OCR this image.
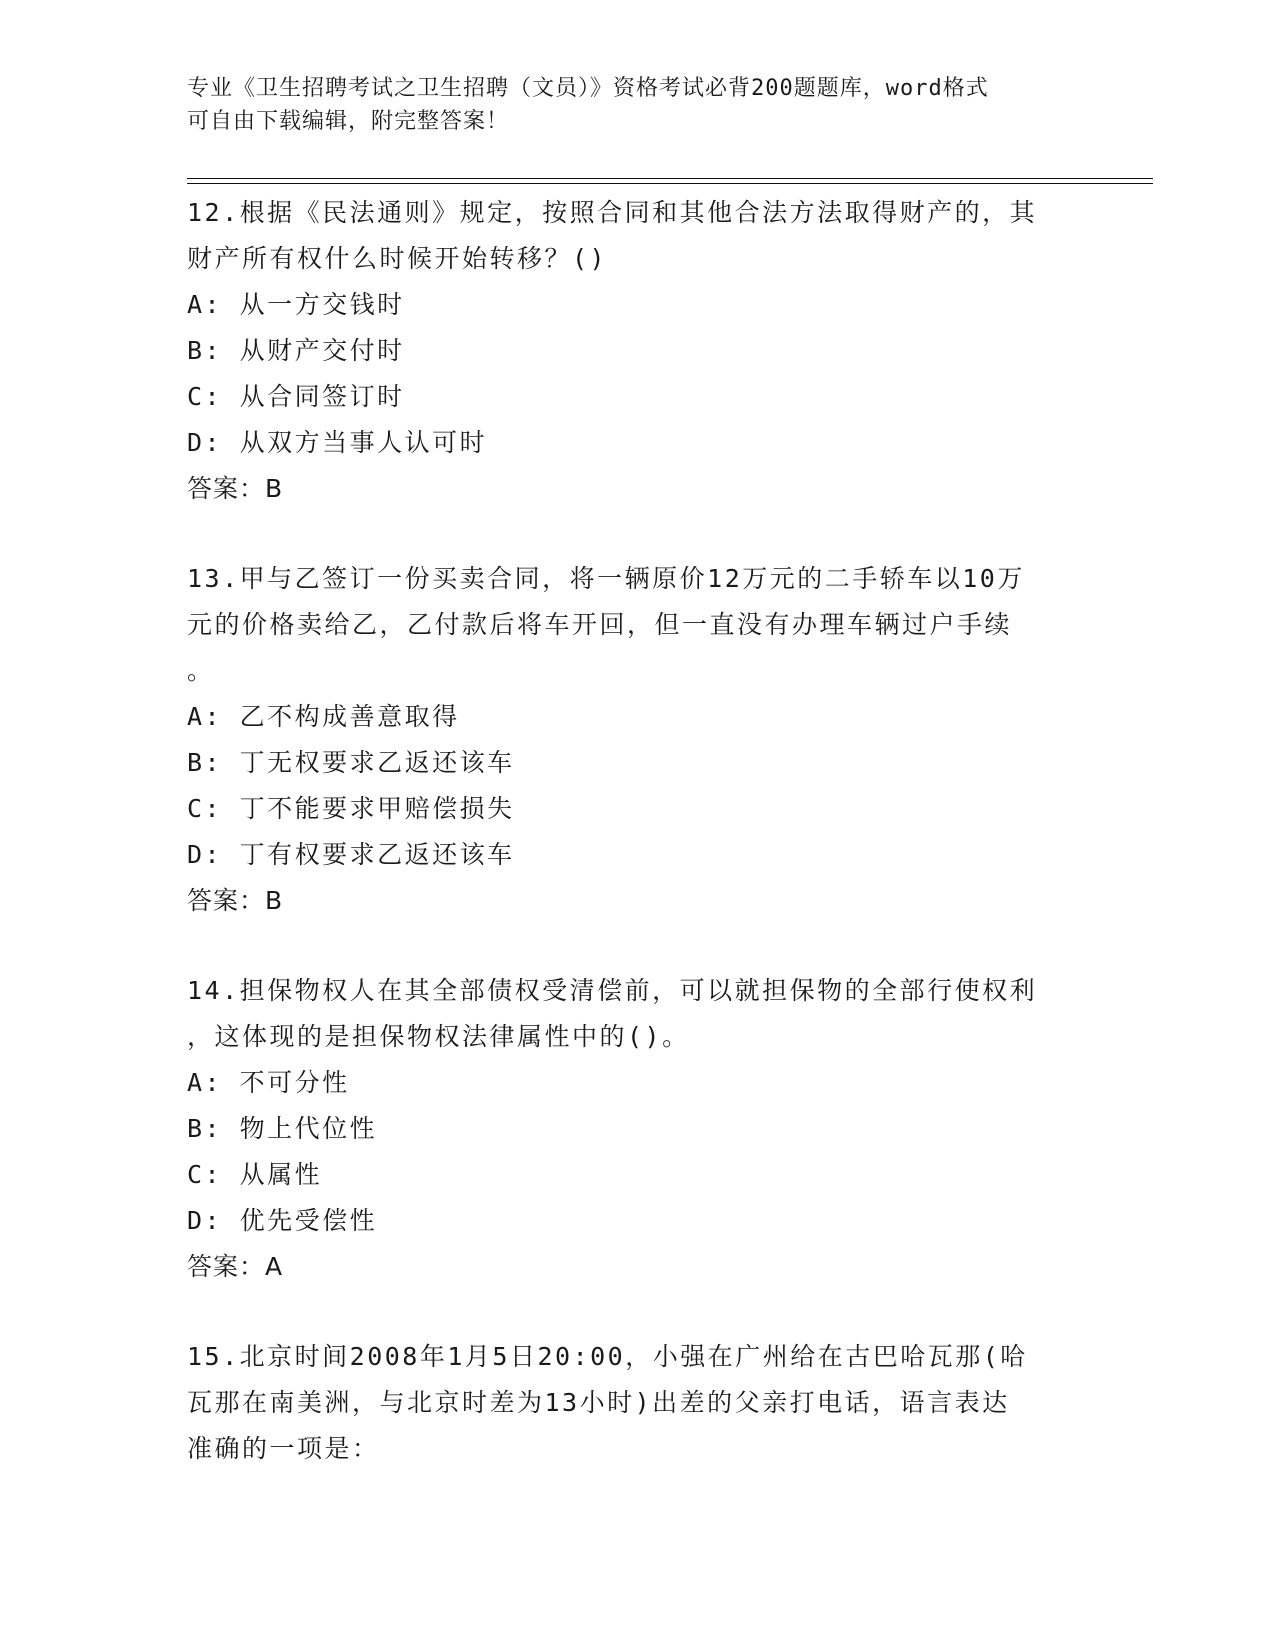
专业《卫生招聘考试之卫生招聘（文员）》资格考试必背200题题库，word格式
可自由下载编辑，附完整答案！
12.根据《民法通则》规定，按照合同和其他合法方法取得财产的，其
财产所有权什么时候开始转移？()
A: 从一方交钱时
B: 从财产交付时
C: 从合同签订时
D: 从双方当事人认可时
答案：B
13.甲与乙签订一份买卖合同，将一辆原价12万元的二手轿车以10万
元的价格卖给乙，乙付款后将车开回，但一直没有办理车辆过户手续
。
A: 乙不构成善意取得
B: 丁无权要求乙返还该车
C: 丁不能要求甲赔偿损失
D: 丁有权要求乙返还该车
答案：B
14.担保物权人在其全部债权受清偿前，可以就担保物的全部行使权利
，这体现的是担保物权法律属性中的()。
A: 不可分性
B: 物上代位性
C: 从属性
D: 优先受偿性
答案：A
15.北京时间2008年1月5日20:00，小强在广州给在古巴哈瓦那(哈
瓦那在南美洲，与北京时差为13小时)出差的父亲打电话，语言表达
准确的一项是：
